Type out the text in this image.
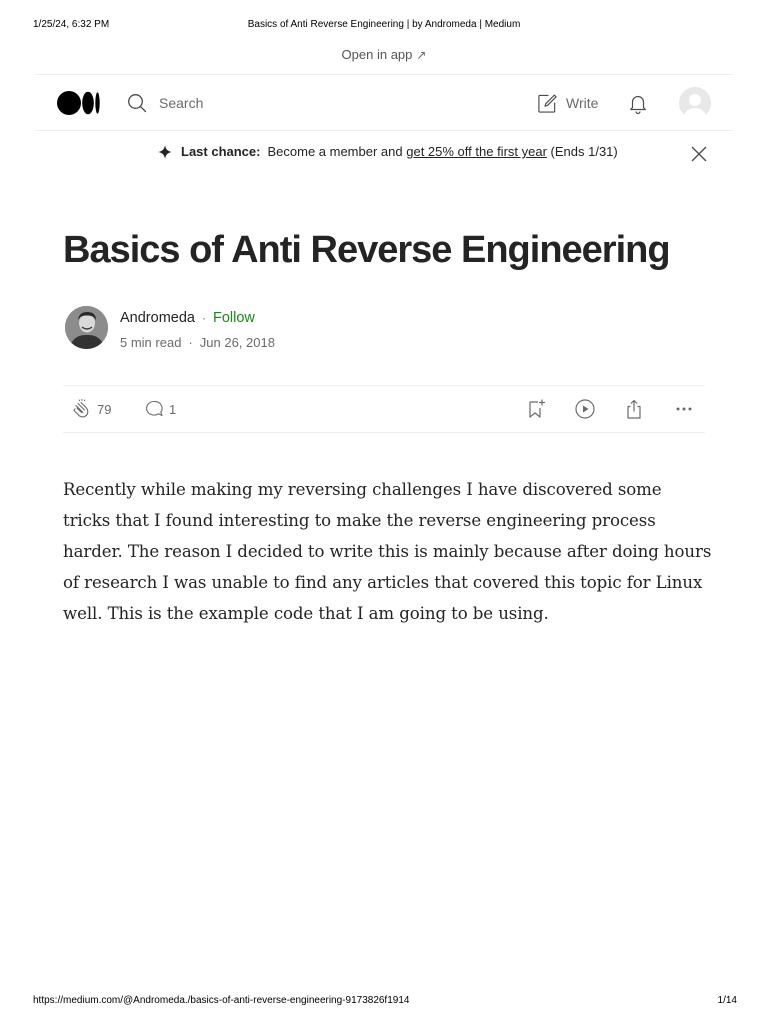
1/25/24, 6:32 PM	Basics of Anti Reverse Engineering | by Andromeda | Medium
Open in app ↗
Search	Write
Last chance: Become a member and
get 25% off the first year
(Ends 1/31)
Basics of Anti Reverse Engineering
Andromeda · Follow
5 min read · Jun 26, 2018
79	1

Recently while making my reversing challenges I have discovered some tricks that I found interesting to make the reverse engineering process harder. The reason I decided to write this is mainly because after doing hours of research I was unable to find any articles that covered this topic for Linux well. This is the example code that I am going to be using.

https://medium.com/@Andromeda./basics-of-anti-reverse-engineering-9173826f1914	1/14
